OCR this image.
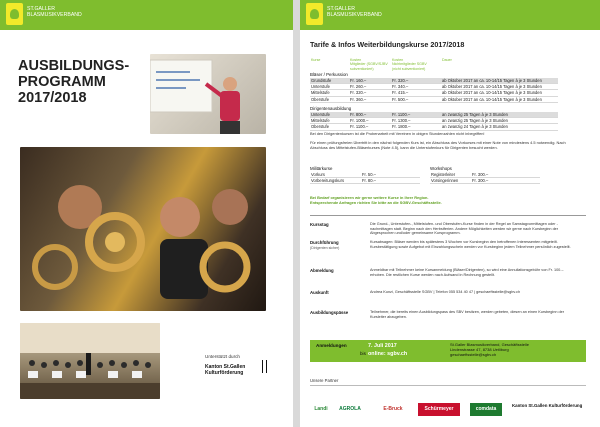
ST.GALLER
BLASMUSIKVERBAND
AUSBILDUNGS-
PROGRAMM
2017/2018
Unterstützt durch
Kanton St.Gallen
Kulturförderung
ST.GALLER
BLASMUSIKVERBAND
Tarife & Infos Weiterbildungskurse 2017/2018
Kurse	Kosten
Mitglieder (SGBV/SJBV
subventioniert)
Kosten
Nichtmitglieder SGBV
(nicht subventioniert)
Dauer
Bläser / Perkussion
Grundstufe	Fr. 160.–	Fr. 320.–	ab Oktober 2017 an ca. 10-14/15 Tagen à je 3 Stunden
Unterstufe	Fr. 260.–	Fr. 340.–	ab Oktober 2017 an ca. 10-14/15 Tagen à je 3 Stunden
Mittelstufe	Fr. 320.–	Fr. 415.–	ab Oktober 2017 an ca. 10-14/15 Tagen à je 3 Stunden
Oberstufe	Fr. 360.–	Fr. 500.–	ab Oktober 2017 an ca. 10-14/15 Tagen à je 3 Stunden
Dirigentenausbildung
Unterstufe	Fr. 800.–	Fr. 1100.–	an zwanzig 25 Tagen à je 3 Stunden
Mittelstufe	Fr. 1000.–	Fr. 1300.–	an zwanzig 25 Tagen à je 3 Stunden
Oberstufe	Fr. 1100.–	Fr. 1800.–	an zwanzig 24 Tagen à je 3 Stunden
Bei den Dirigentenkursen ist die Probenarbeit mit Vereinen in obigen Stundenzahlen nicht inbegriffen!
Für einen prüfungsfreien Übertritt in den nächst folgenden Kurs ist, ein Abschluss des Vorkurses mit einer Note von mindestens 4.5 notwendig. Nach Abschluss des Mittelstufen-Bläserkurses (Note 4.5), kann die Unterstufenkurs für Dirigenten besucht werden.
Militärkurse
Vorkurs	Fr. 50.–
Vorbereitungskurs	Fr. 80.–
Workshops
Registerleiter	Fr. 300.–
Vorsingerinnen	Fr. 300.–
Bei Bedarf organisieren wir gerne weitere Kurse in Ihrer Region.
Entsprechende Anfragen richten Sie bitte an die SGBV-Geschäftsstelle.
Kursstag	Die Grund-, Unterstufen-, Mittelstufen- und Oberstufen-Kurse finden in der Regel an Samstagvormittagen oder -nachmittagen statt. Beginn nach den Herbstferien. Andere Möglichkeiten werden wir gerne nach Kursbeginn der Abgesprochen und/oder gemeinsame Kursprogramm.
Durchführung
(Dirigenten sicher)
Kursabsagen: Bläser werden bis spätestens 3 Wochen vor Kursbeginn den betroffenen Interessenten mitgeteilt. Kursbestätigung sowie Aufgebot mit Einzahlungsschein werden vor Kursbeginn jedem Teilnehmer persönlich zugestellt.
Abmeldung	Anmeldbar mit Teilnehmer keine Kursanmeldung (Bläser/Dirigenten), so wird eine Annullationsgebühr von Fr. 100.– erhoben. Die restlichen Kurse werden nach Aufwand in Rechnung gestellt.
Auskunft	Andrea Kunzi, Geschäftsstelle SGBV | Telefon 055 534 40 47 | geschaeftsstelle@sgbv.ch
Ausbildungspässe	Teilnehmer, die bereits einen Ausbildungspass des SBV besitzen, werden gebeten, diesen an einen Kursbeginn der Kursleiter abzugeben.
Anmeldungen
bis
7. Juli 2017
online: sgbv.ch
St.Galler Blasmusikverband, Geschäftsstelle
Lindenstrasse 47, 8738 Uetliburg
geschaeftsstelle@sgbv.ch
Unsere Partner
Landi	AGROLA	E-Bruck	Schürmeyer	comdata
Kanton St.Gallen Kulturförderung
